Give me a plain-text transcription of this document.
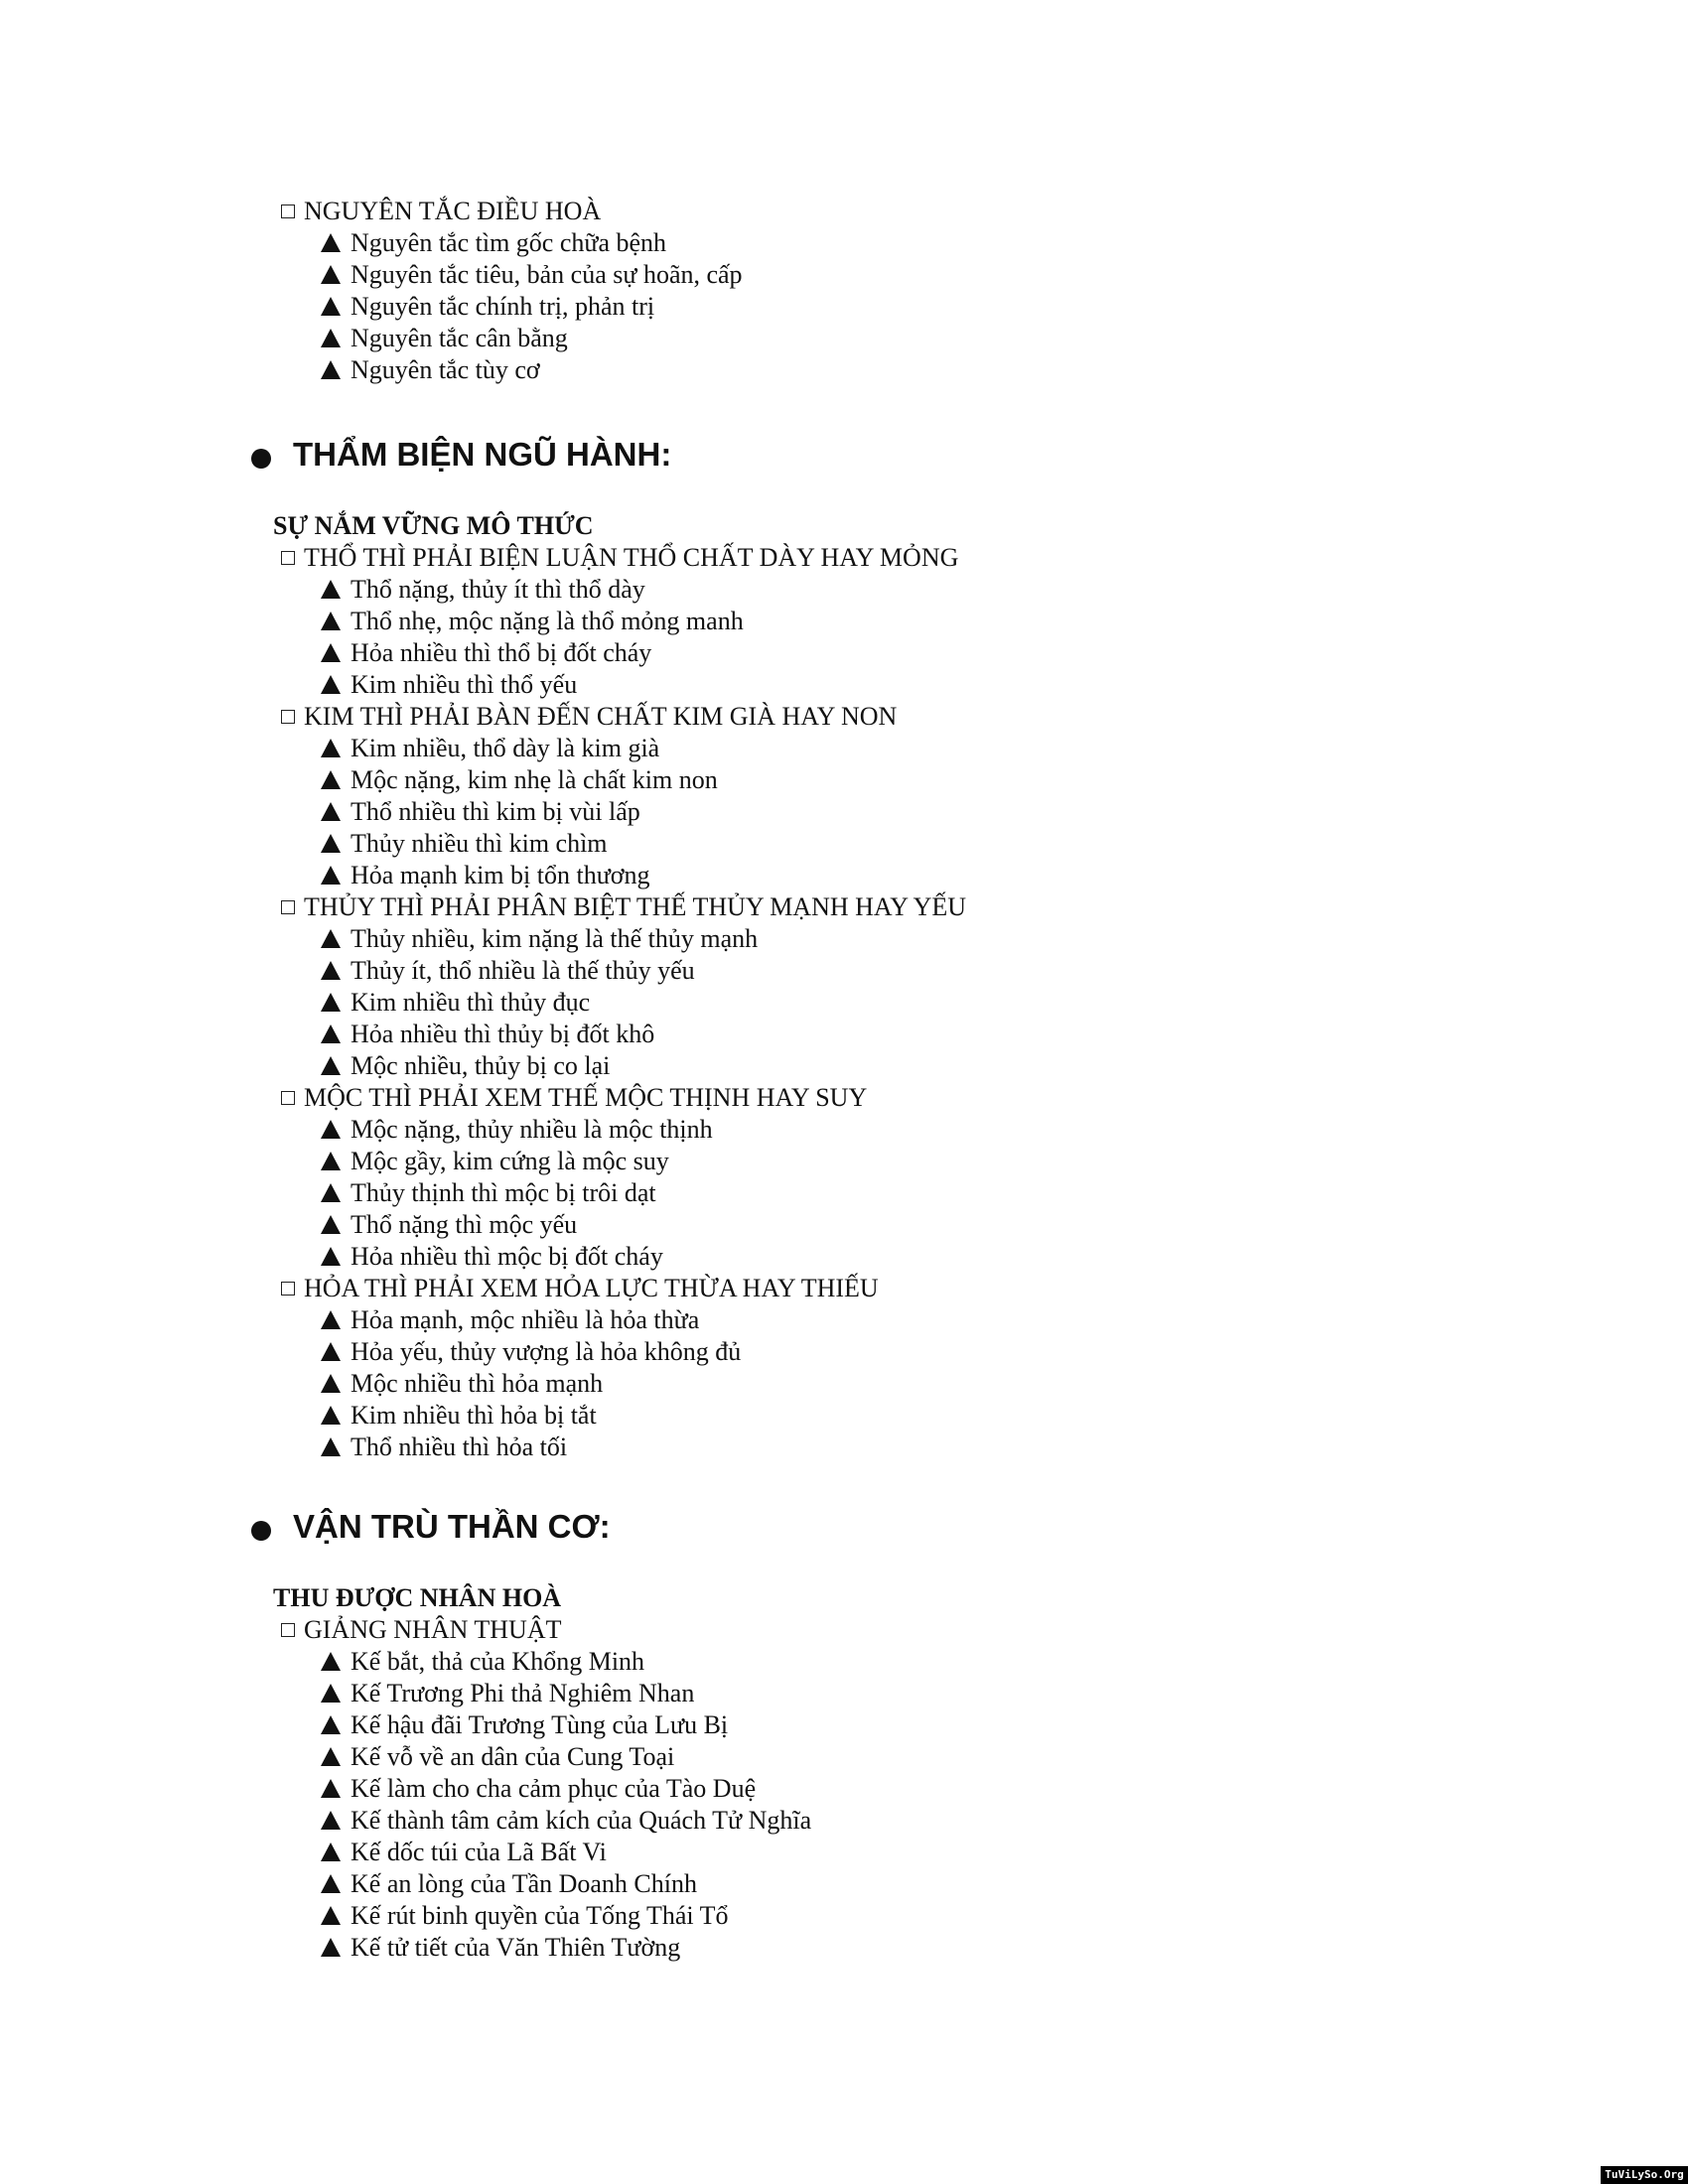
NGUYÊN TẮC ĐIỀU HOÀ
Nguyên tắc tìm gốc chữa bệnh
Nguyên tắc tiêu, bản của sự hoãn, cấp
Nguyên tắc chính trị, phản trị
Nguyên tắc cân bằng
Nguyên tắc tùy cơ
THẨM BIỆN NGŨ HÀNH:
SỰ NẮM VỮNG MÔ THỨC
THỔ THÌ PHẢI BIỆN LUẬN THỔ CHẤT DÀY HAY MỎNG
Thổ nặng, thủy ít thì thổ dày
Thổ nhẹ, mộc nặng là thổ mỏng manh
Hỏa nhiều thì thổ bị đốt cháy
Kim nhiều thì thổ yếu
KIM THÌ PHẢI BÀN ĐẾN CHẤT KIM GIÀ HAY NON
Kim nhiều, thổ dày là kim già
Mộc nặng, kim nhẹ là chất kim non
Thổ nhiều thì kim bị vùi lấp
Thủy nhiều thì kim chìm
Hỏa mạnh kim bị tổn thương
THỦY THÌ PHẢI PHÂN BIỆT THẾ THỦY MẠNH HAY YẾU
Thủy nhiều, kim nặng là thế thủy mạnh
Thủy ít, thổ nhiều là thế thủy yếu
Kim nhiều thì thủy đục
Hỏa nhiều thì thủy bị đốt khô
Mộc nhiều, thủy bị co lại
MỘC THÌ PHẢI XEM THẾ MỘC THỊNH HAY SUY
Mộc nặng, thủy nhiều là mộc thịnh
Mộc gầy, kim cứng là mộc suy
Thủy thịnh thì mộc bị trôi dạt
Thổ nặng thì mộc yếu
Hỏa nhiều thì mộc bị đốt cháy
HỎA THÌ PHẢI XEM HỎA LỰC THỪA HAY THIẾU
Hỏa mạnh, mộc nhiều là hỏa thừa
Hỏa yếu, thủy vượng là hỏa không đủ
Mộc nhiều thì hỏa mạnh
Kim nhiều thì hỏa bị tắt
Thổ nhiều thì hỏa tối
VẬN TRÙ THẦN CƠ:
THU ĐƯỢC NHÂN HOÀ
GIẢNG NHÂN THUẬT
Kế bắt, thả của Khổng Minh
Kế Trương Phi thả Nghiêm Nhan
Kế hậu đãi Trương Tùng của Lưu Bị
Kế vỗ về an dân của Cung Toại
Kế làm cho cha cảm phục của Tào Duệ
Kế thành tâm cảm kích của Quách Tử Nghĩa
Kế dốc túi của Lã Bất Vi
Kế an lòng của Tần Doanh Chính
Kế rút binh quyền của Tống Thái Tổ
Kế tử tiết của Văn Thiên Tường
TuViLySo.Org
